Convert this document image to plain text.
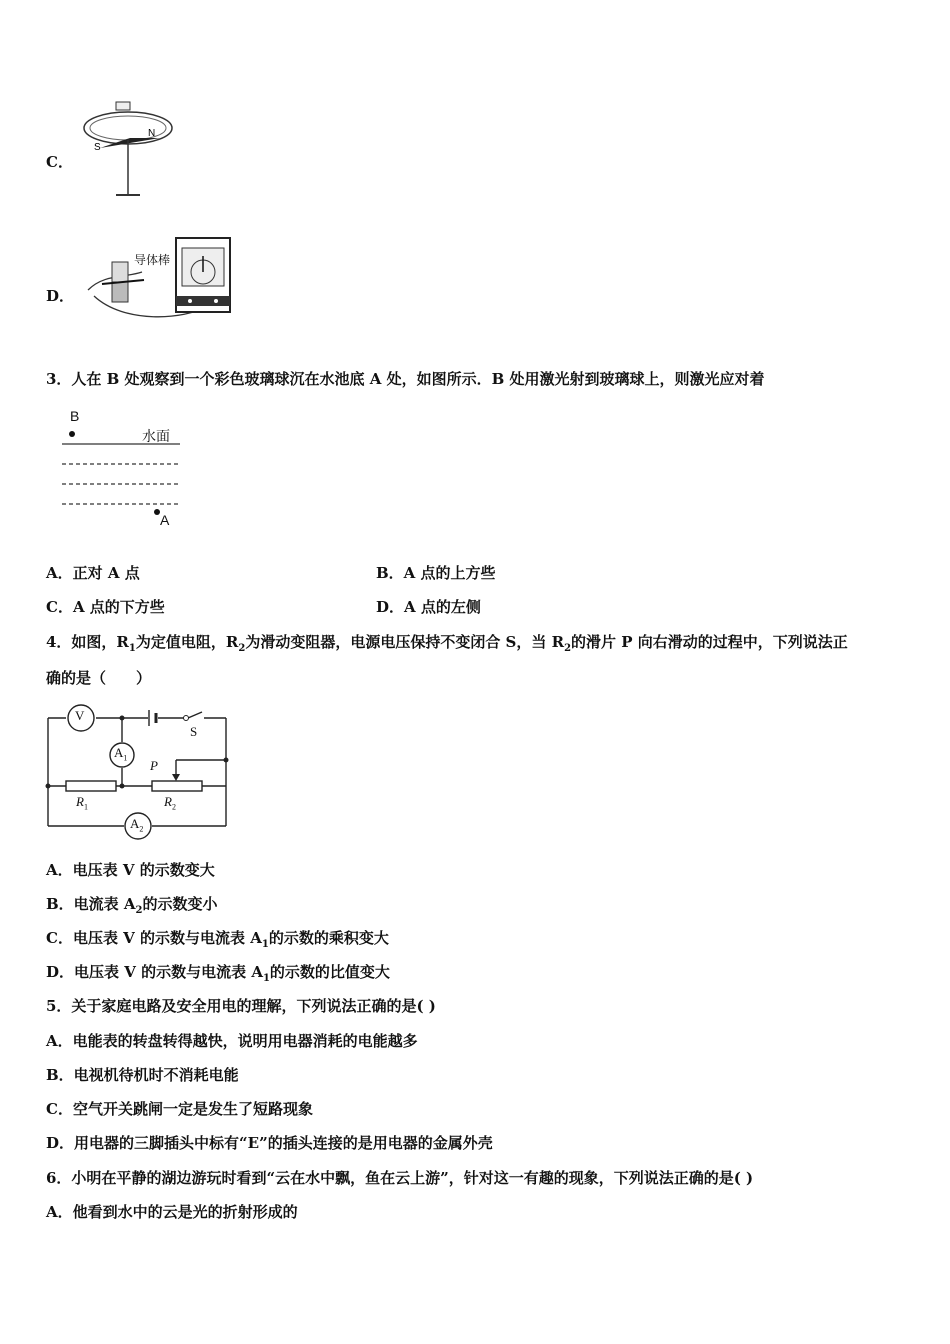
C．
S
N
D．
导体棒
3．人在 B 处观察到一个彩色玻璃球沉在水池底 A 处，如图所示．B 处用激光射到玻璃球上，则激光应对着
B
水面
A
A．正对 A 点	B．A 点的上方些
C．A 点的下方些	D．A 点的左侧
4．如图，$R_1$为定值电阻，$R_2$为滑动变阻器，电源电压保持不变闭合 S，当 $R_2$的滑片 P 向右滑动的过程中，下列说法正
确的是（　　）
V
$A_1$
S
P
$R_1$	$R_2$
$A_2$
A．电压表 V 的示数变大
B．电流表 $A_2$的示数变小
C．电压表 V 的示数与电流表 $A_1$的示数的乘积变大
D．电压表 V 的示数与电流表 $A_1$的示数的比值变大
5．关于家庭电路及安全用电的理解，下列说法正确的是( )
A．电能表的转盘转得越快，说明用电器消耗的电能越多
B．电视机待机时不消耗电能
C．空气开关跳闸一定是发生了短路现象
D．用电器的三脚插头中标有“E”的插头连接的是用电器的金属外壳
6．小明在平静的湖边游玩时看到“云在水中飘，鱼在云上游”，针对这一有趣的现象，下列说法正确的是( )
A．他看到水中的云是光的折射形成的
